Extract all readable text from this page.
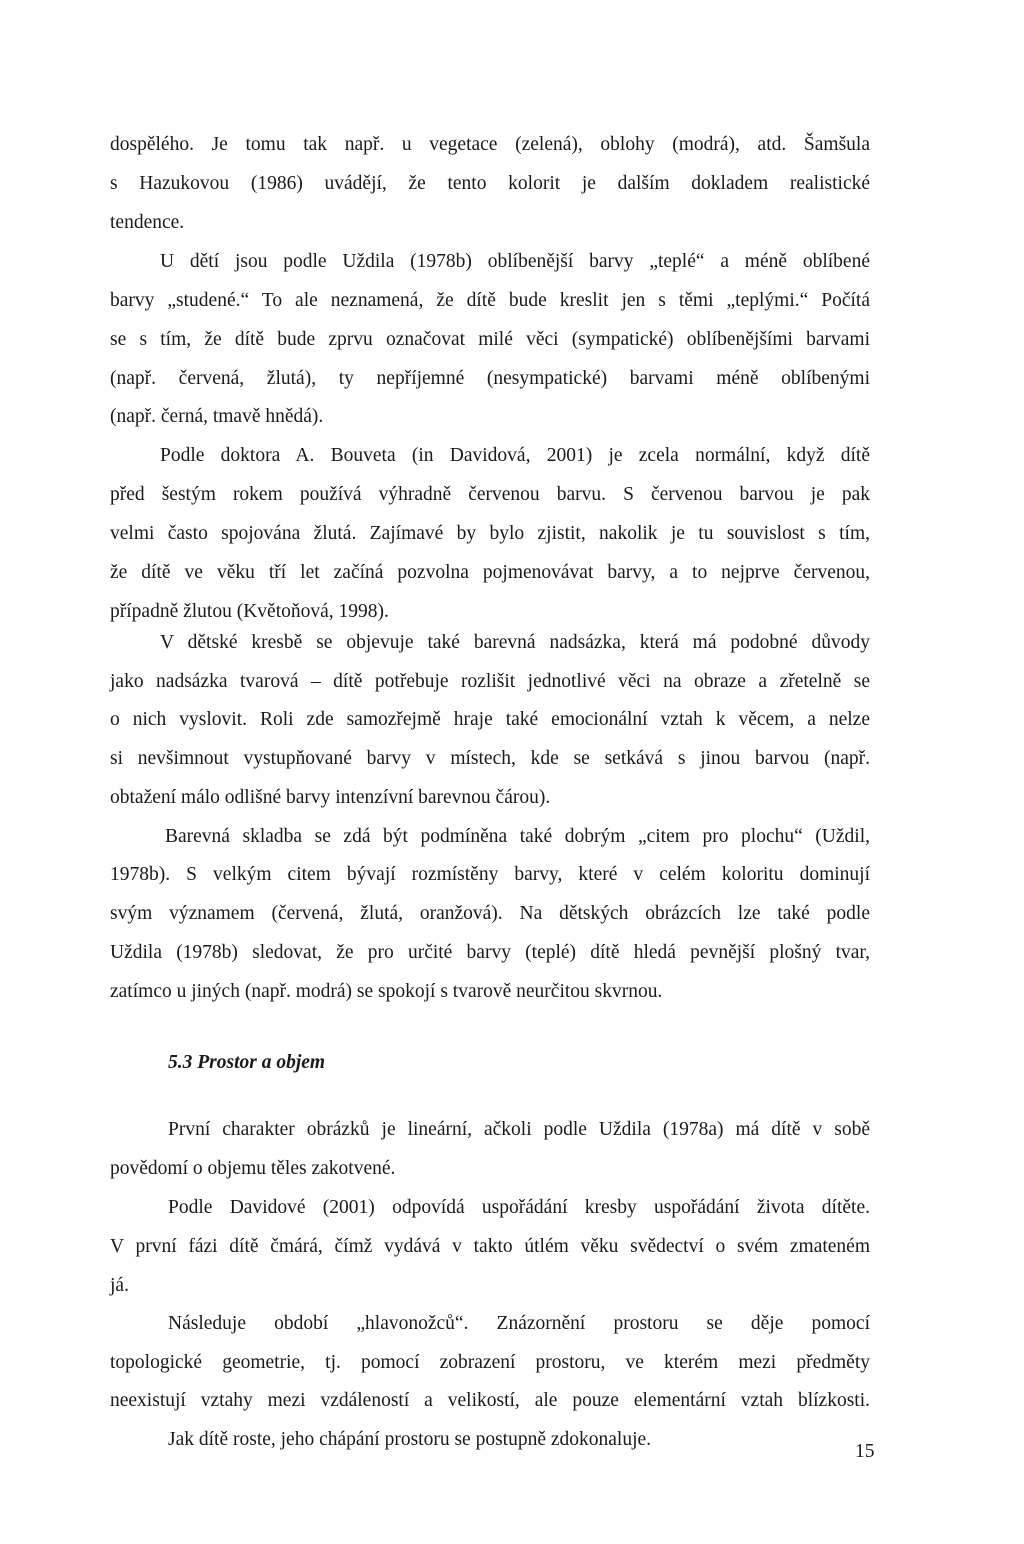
dospělého. Je tomu tak např. u vegetace (zelená), oblohy (modrá), atd. Šamšula
s Hazukovou (1986) uvádějí, že tento kolorit je dalším dokladem realistické
tendence.
U dětí jsou podle Uždila (1978b) oblíbenější barvy „teplé“ a méně oblíbené
barvy „studené.“ To ale neznamená, že dítě bude kreslit jen s těmi „teplými.“ Počítá
se s tím, že dítě bude zprvu označovat milé věci (sympatické) oblíbenějšími barvami
(např. červená, žlutá), ty nepříjemné (nesympatické) barvami méně oblíbenými
(např. černá, tmavě hnědá).
Podle doktora A. Bouveta (in Davidová, 2001) je zcela normální, když dítě
před šestým rokem používá výhradně červenou barvu. S červenou barvou je pak
velmi často spojována žlutá. Zajímavé by bylo zjistit, nakolik je tu souvislost s tím,
že dítě ve věku tří let začíná pozvolna pojmenovávat barvy, a to nejprve červenou,
případně žlutou (Květoňová, 1998).
V dětské kresbě se objevuje také barevná nadsázka, která má podobné důvody
jako nadsázka tvarová – dítě potřebuje rozlišit jednotlivé věci na obraze a zřetelně se
o nich vyslovit. Roli zde samozřejmě hraje také emocionální vztah k věcem, a nelze
si nevšimnout vystupňované barvy v místech, kde se setkává s jinou barvou (např.
obtažení málo odlišné barvy intenzívní barevnou čárou).
Barevná skladba se zdá být podmíněna také dobrým „citem pro plochu“ (Uždil,
1978b). S velkým citem bývají rozmístěny barvy, které v celém koloritu dominují
svým významem (červená, žlutá, oranžová). Na dětských obrázcích lze také podle
Uždila (1978b) sledovat, že pro určité barvy (teplé) dítě hledá pevnější plošný tvar,
zatímco u jiných (např. modrá) se spokojí s tvarově neurčitou skvrnou.
5.3 Prostor a objem
První charakter obrázků je lineární, ačkoli podle Uždila (1978a) má dítě v sobě
povědomí o objemu těles zakotvené.
Podle Davidové (2001) odpovídá uspořádání kresby uspořádání života dítěte.
V první fázi dítě čmárá, čímž vydává v takto útlém věku svědectví o svém zmateném
já.
Následuje období „hlavonožců“. Znázornění prostoru se děje pomocí
topologické geometrie, tj. pomocí zobrazení prostoru, ve kterém mezi předměty
neexistují vztahy mezi vzdáleností a velikostí, ale pouze elementární vztah blízkosti.
Jak dítě roste, jeho chápání prostoru se postupně zdokonaluje.
15
